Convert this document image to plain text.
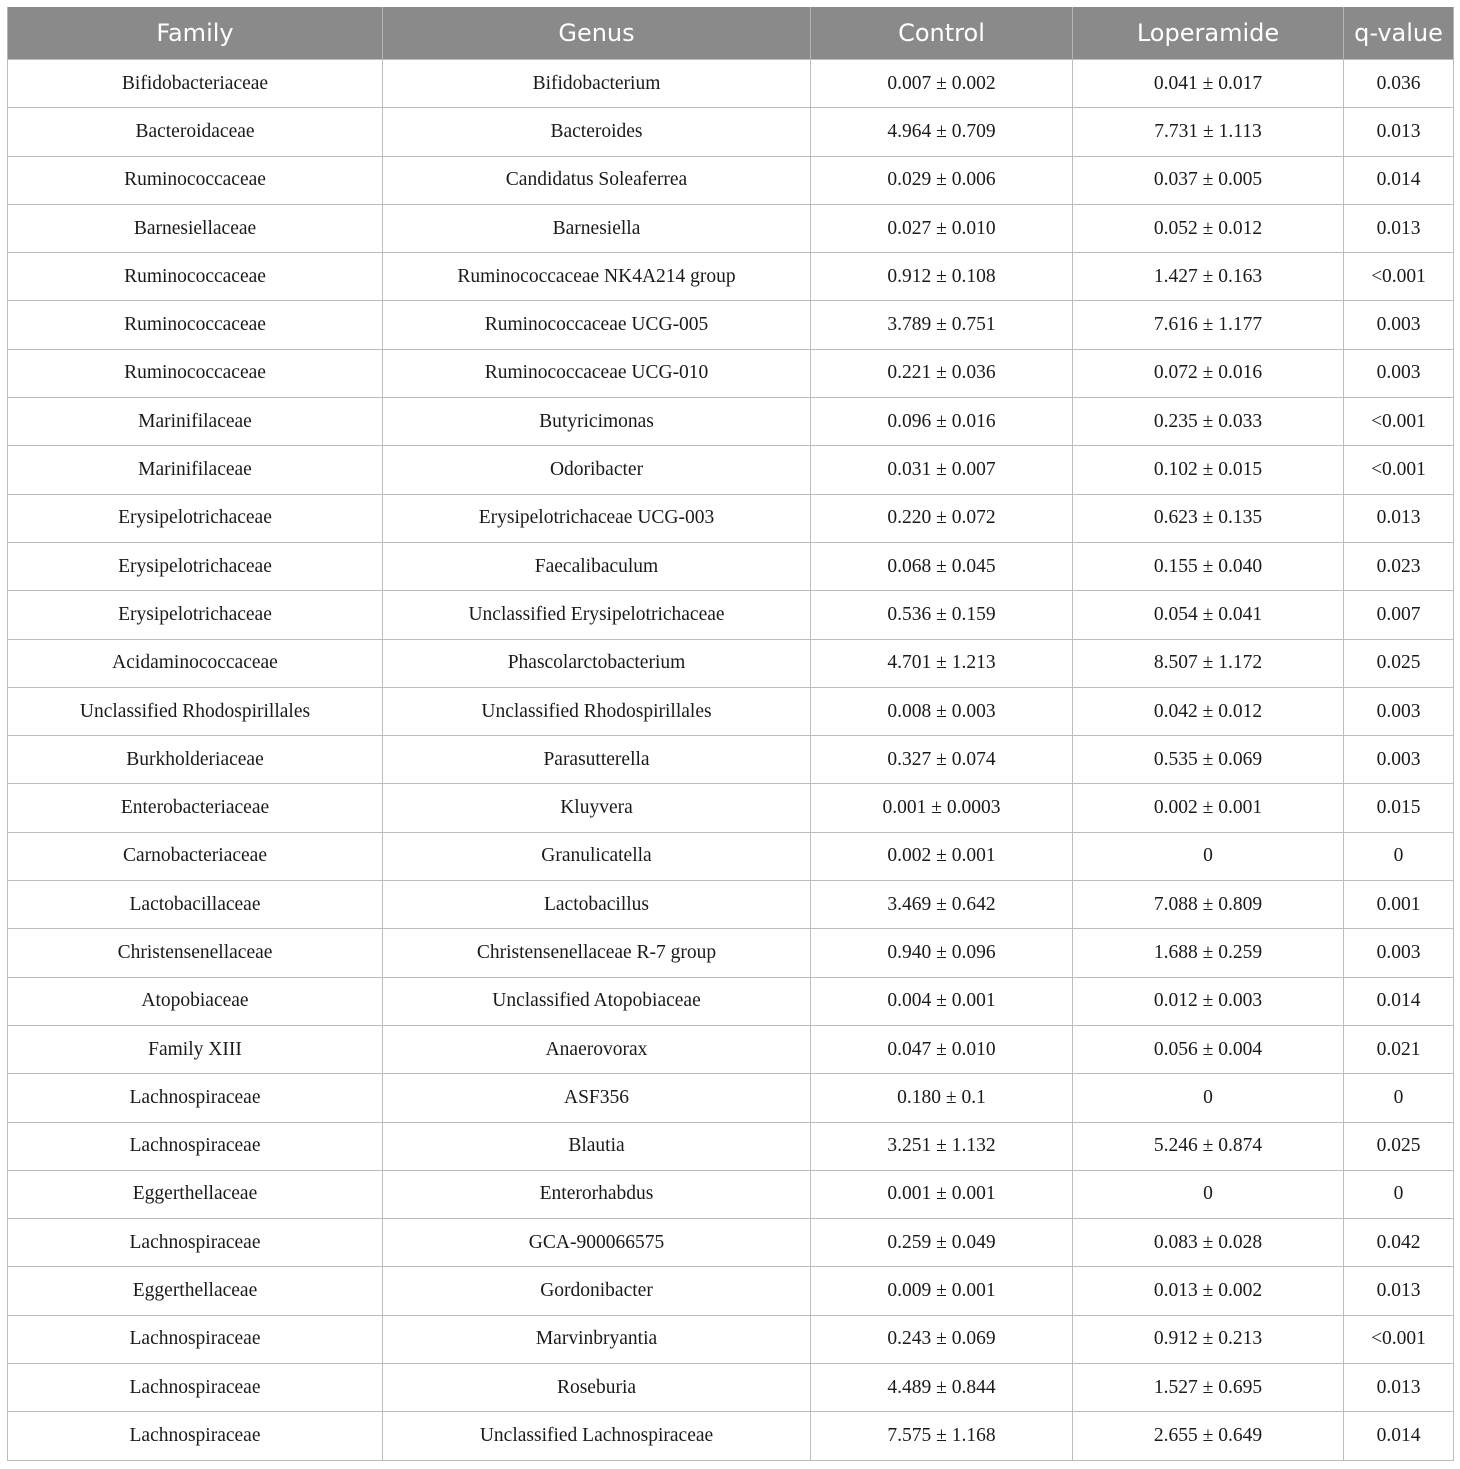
Family	Genus	Control	Loperamide	q-value
Bifidobacteriaceae	Bifidobacterium	0.007 ± 0.002	0.041 ± 0.017	0.036
Bacteroidaceae	Bacteroides	4.964 ± 0.709	7.731 ± 1.113	0.013
Ruminococcaceae	Candidatus Soleaferrea	0.029 ± 0.006	0.037 ± 0.005	0.014
Barnesiellaceae	Barnesiella	0.027 ± 0.010	0.052 ± 0.012	0.013
Ruminococcaceae	Ruminococcaceae NK4A214 group	0.912 ± 0.108	1.427 ± 0.163	<0.001
Ruminococcaceae	Ruminococcaceae UCG-005	3.789 ± 0.751	7.616 ± 1.177	0.003
Ruminococcaceae	Ruminococcaceae UCG-010	0.221 ± 0.036	0.072 ± 0.016	0.003
Marinifilaceae	Butyricimonas	0.096 ± 0.016	0.235 ± 0.033	<0.001
Marinifilaceae	Odoribacter	0.031 ± 0.007	0.102 ± 0.015	<0.001
Erysipelotrichaceae	Erysipelotrichaceae UCG-003	0.220 ± 0.072	0.623 ± 0.135	0.013
Erysipelotrichaceae	Faecalibaculum	0.068 ± 0.045	0.155 ± 0.040	0.023
Erysipelotrichaceae	Unclassified Erysipelotrichaceae	0.536 ± 0.159	0.054 ± 0.041	0.007
Acidaminococcaceae	Phascolarctobacterium	4.701 ± 1.213	8.507 ± 1.172	0.025
Unclassified Rhodospirillales	Unclassified Rhodospirillales	0.008 ± 0.003	0.042 ± 0.012	0.003
Burkholderiaceae	Parasutterella	0.327 ± 0.074	0.535 ± 0.069	0.003
Enterobacteriaceae	Kluyvera	0.001 ± 0.0003	0.002 ± 0.001	0.015
Carnobacteriaceae	Granulicatella	0.002 ± 0.001	0	0
Lactobacillaceae	Lactobacillus	3.469 ± 0.642	7.088 ± 0.809	0.001
Christensenellaceae	Christensenellaceae R-7 group	0.940 ± 0.096	1.688 ± 0.259	0.003
Atopobiaceae	Unclassified Atopobiaceae	0.004 ± 0.001	0.012 ± 0.003	0.014
Family XIII	Anaerovorax	0.047 ± 0.010	0.056 ± 0.004	0.021
Lachnospiraceae	ASF356	0.180 ± 0.1	0	0
Lachnospiraceae	Blautia	3.251 ± 1.132	5.246 ± 0.874	0.025
Eggerthellaceae	Enterorhabdus	0.001 ± 0.001	0	0
Lachnospiraceae	GCA-900066575	0.259 ± 0.049	0.083 ± 0.028	0.042
Eggerthellaceae	Gordonibacter	0.009 ± 0.001	0.013 ± 0.002	0.013
Lachnospiraceae	Marvinbryantia	0.243 ± 0.069	0.912 ± 0.213	<0.001
Lachnospiraceae	Roseburia	4.489 ± 0.844	1.527 ± 0.695	0.013
Lachnospiraceae	Unclassified Lachnospiraceae	7.575 ± 1.168	2.655 ± 0.649	0.014
